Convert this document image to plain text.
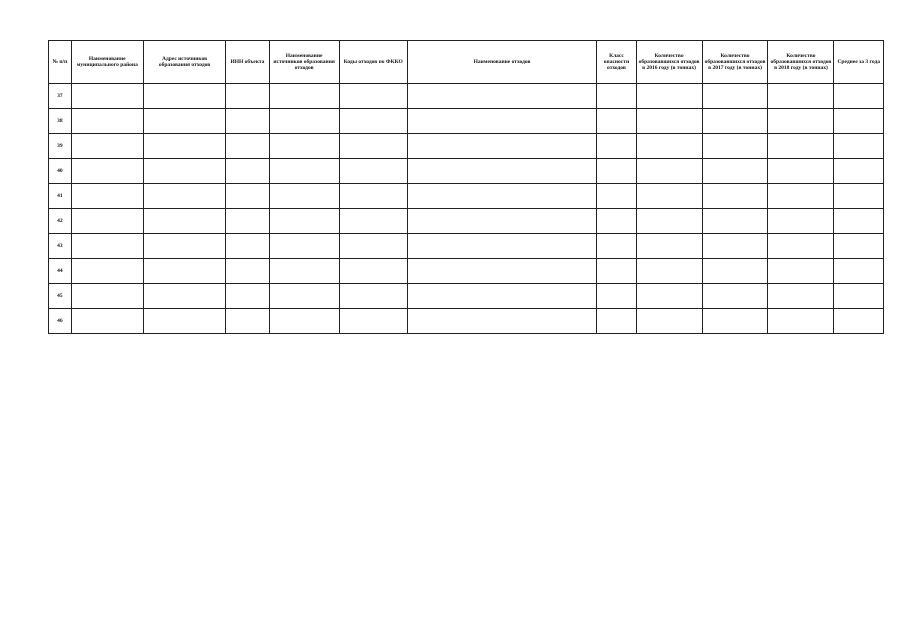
№ п/п	Наименование муниципального района	Адрес источников образования отходов	ИНН объекта	Наименование источников образования отходов	Коды отходов по ФККО	Наименование отходов	Класс опасности отходов	Количество образовавшихся отходов в 2016 году (в тоннах)	Количество образовавшихся отходов в 2017 году (в тоннах)	Количество образовавшихся отходов в 2018 году (в тоннах)	Среднее за 3 года
37											
38											
39											
40											
41											
42											
43											
44											
45											
46											
